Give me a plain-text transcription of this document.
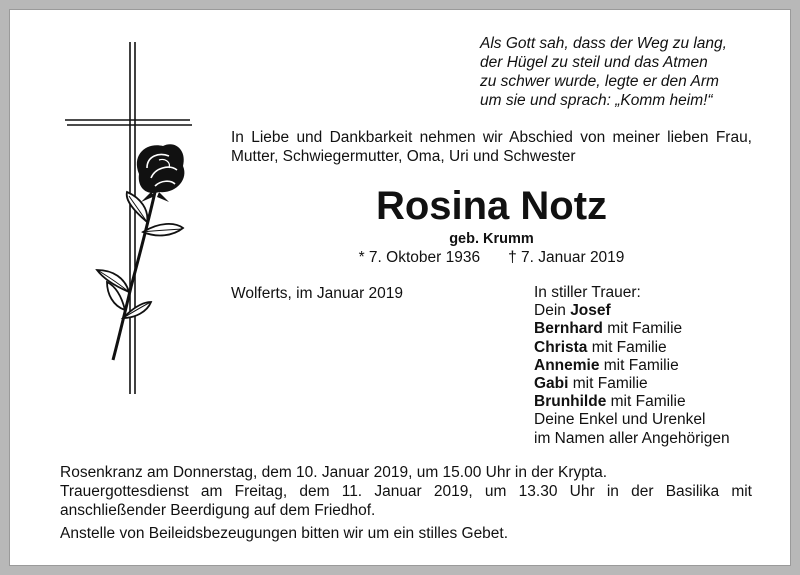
Als Gott sah, dass der Weg zu lang,
der Hügel zu steil und das Atmen
zu schwer wurde, legte er den Arm
um sie und sprach: „Komm heim!“
In Liebe und Dankbarkeit nehmen wir Abschied von meiner lieben Frau, Mutter, Schwiegermutter, Oma, Uri und Schwester
Rosina Notz
geb. Krumm
* 7. Oktober 1936 † 7. Januar 2019
Wolferts, im Januar 2019	In stiller Trauer:
Dein Josef
Bernhard mit Familie
Christa mit Familie
Annemie mit Familie
Gabi mit Familie
Brunhilde mit Familie
Deine Enkel und Urenkel
im Namen aller Angehörigen
Rosenkranz am Donnerstag, dem 10. Januar 2019, um 15.00 Uhr in der Krypta.
Trauergottesdienst am Freitag, dem 11. Januar 2019, um 13.30 Uhr in der Basilika mit anschließender Beerdigung auf dem Friedhof.
Anstelle von Beileidsbezeugungen bitten wir um ein stilles Gebet.
